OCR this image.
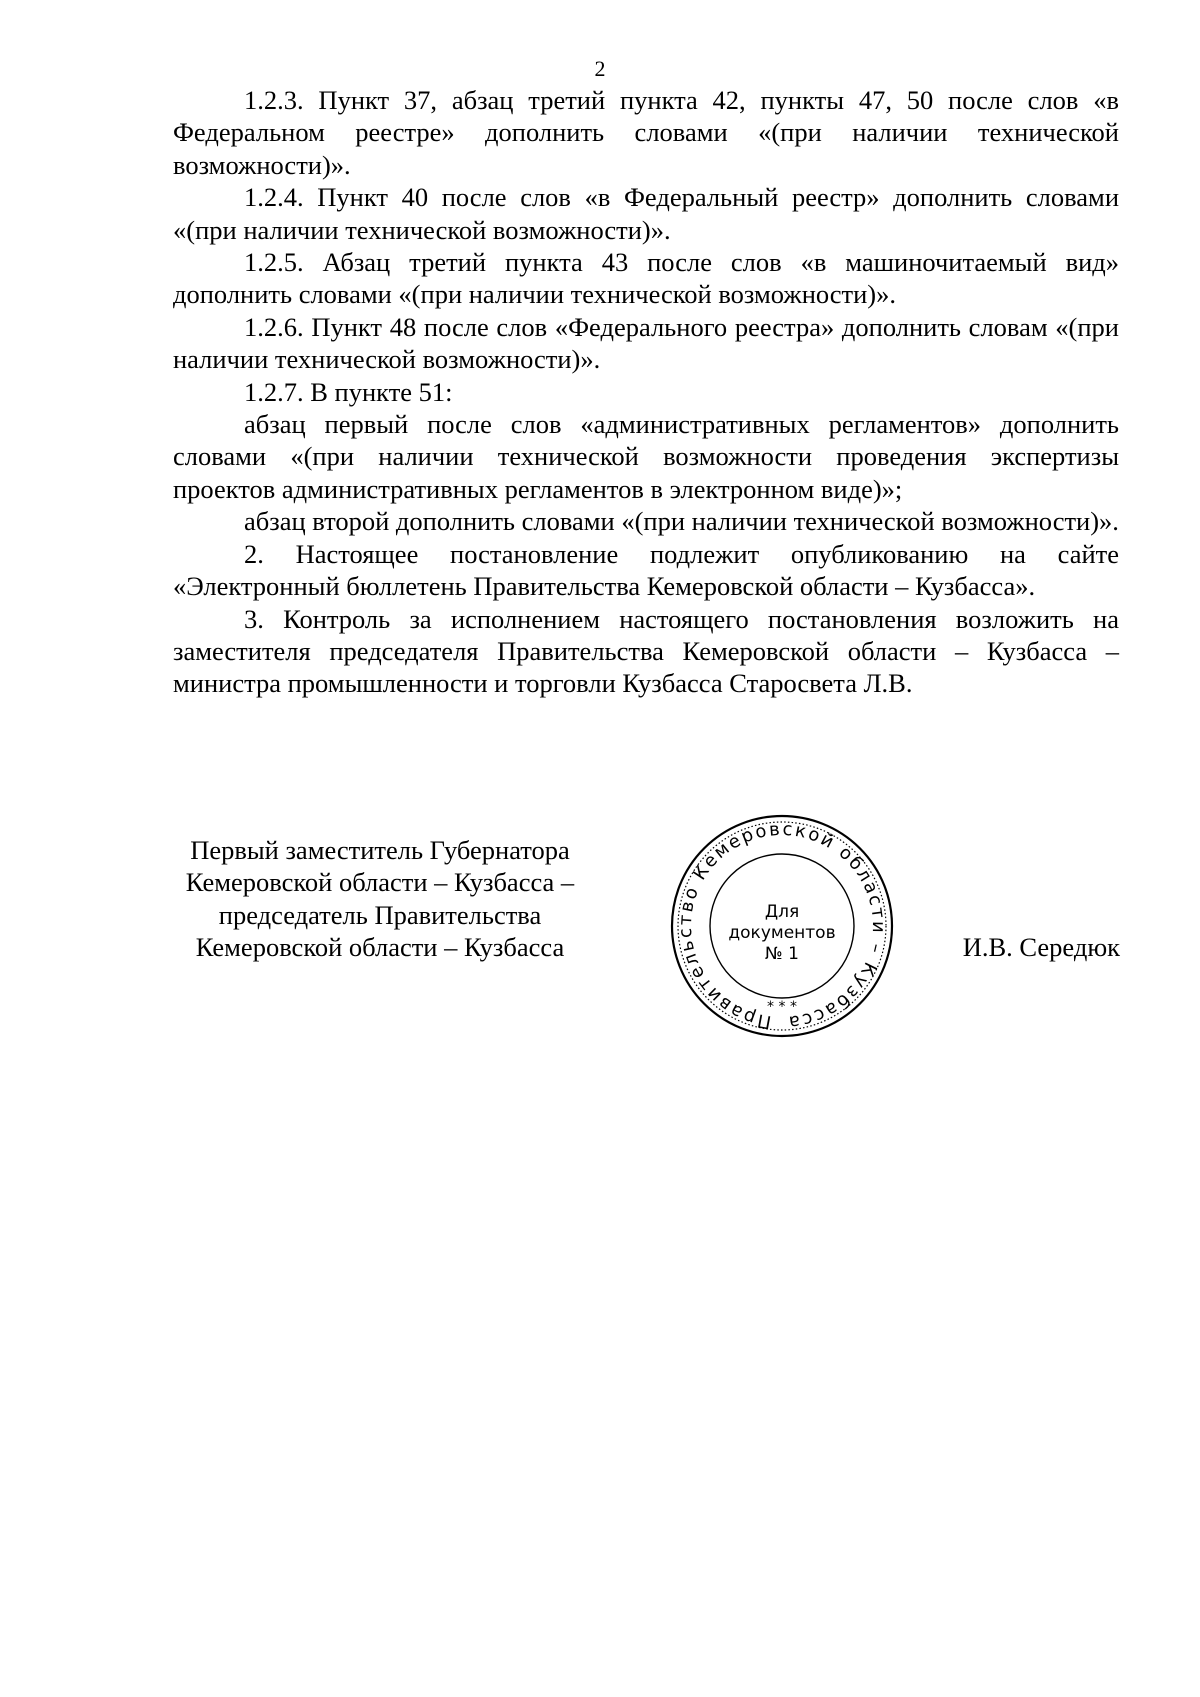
2

1.2.3. Пункт 37, абзац третий пункта 42, пункты 47, 50 после слов «в Федеральном реестре» дополнить словами «(при наличии технической возможности)».

1.2.4. Пункт 40 после слов «в Федеральный реестр» дополнить словами «(при наличии технической возможности)».

1.2.5. Абзац третий пункта 43 после слов «в машиночитаемый вид» дополнить словами «(при наличии технической возможности)».

1.2.6. Пункт 48 после слов «Федерального реестра» дополнить словам «(при наличии технической возможности)».

1.2.7. В пункте 51:

абзац первый после слов «административных регламентов» дополнить словами «(при наличии технической возможности проведения экспертизы проектов административных регламентов в электронном виде)»;

абзац второй дополнить словами «(при наличии технической возможности)».

2. Настоящее постановление подлежит опубликованию на сайте «Электронный бюллетень Правительства Кемеровской области – Кузбасса».

3. Контроль за исполнением настоящего постановления возложить на заместителя председателя Правительства Кемеровской области – Кузбасса – министра промышленности и торговли Кузбасса Старосвета Л.В.

Первый заместитель Губернатора
Кемеровской области – Кузбасса –
председатель Правительства
Кемеровской области – Кузбасса
Правительство Кемеровской области – Кузбасса
Для
документов
№ 1
* * *
И.В. Середюк
